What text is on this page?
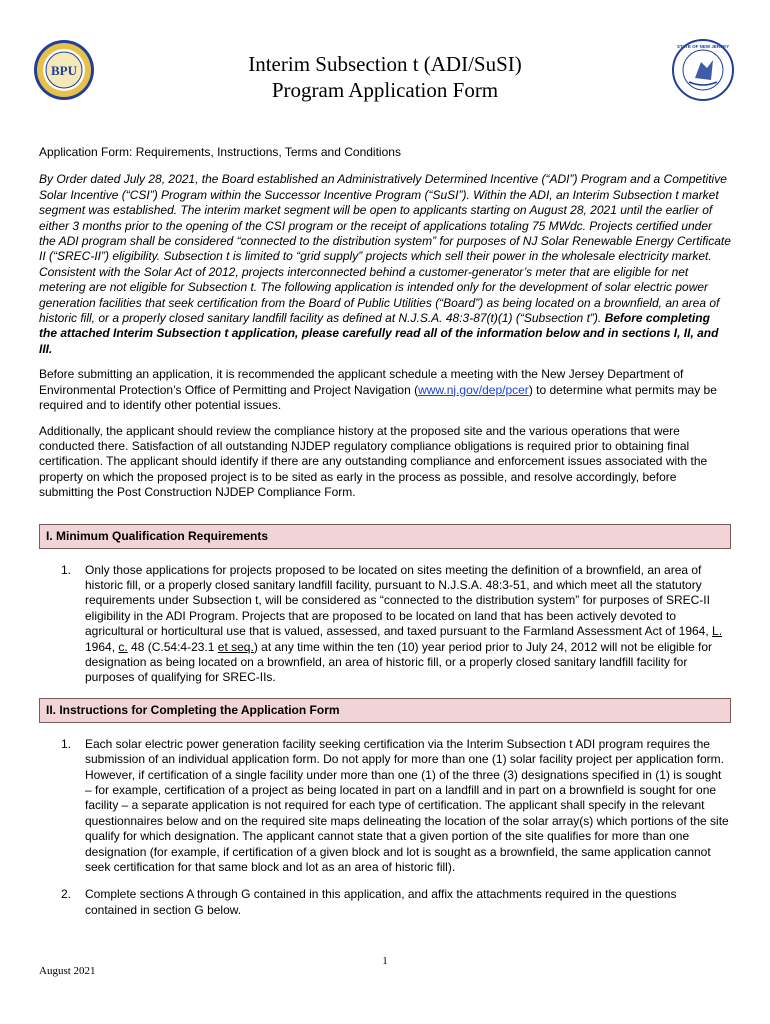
BPU
STATE OF NEW JERSEY
Interim Subsection t (ADI/SuSI)
Program Application Form

Application Form: Requirements, Instructions, Terms and Conditions

By Order dated July 28, 2021, the Board established an Administratively Determined Incentive (“ADI”) Program and a Competitive Solar Incentive (“CSI”) Program within the Successor Incentive Program (“SuSI”). Within the ADI, an Interim Subsection t market segment was established. The interim market segment will be open to applicants starting on August 28, 2021 until the earlier of either 3 months prior to the opening of the CSI program or the receipt of applications totaling 75 MWdc. Projects certified under the ADI program shall be considered “connected to the distribution system” for purposes of NJ Solar Renewable Energy Certificate II (“SREC-II”) eligibility. Subsection t is limited to “grid supply” projects which sell their power in the wholesale electricity market. Consistent with the Solar Act of 2012, projects interconnected behind a customer-generator’s meter that are eligible for net metering are not eligible for Subsection t. The following application is intended only for the development of solar electric power generation facilities that seek certification from the Board of Public Utilities (“Board”) as being located on a brownfield, an area of historic fill, or a properly closed sanitary landfill facility as defined at N.J.S.A. 48:3-87(t)(1) (“Subsection t”). Before completing the attached Interim Subsection t application, please carefully read all of the information below and in sections I, II, and III.

Before submitting an application, it is recommended the applicant schedule a meeting with the New Jersey Department of Environmental Protection’s Office of Permitting and Project Navigation (www.nj.gov/dep/pcer) to determine what permits may be required and to identify other potential issues.

Additionally, the applicant should review the compliance history at the proposed site and the various operations that were conducted there. Satisfaction of all outstanding NJDEP regulatory compliance obligations is required prior to obtaining final certification. The applicant should identify if there are any outstanding compliance and enforcement issues associated with the property on which the proposed project is to be sited as early in the process as possible, and resolve accordingly, before submitting the Post Construction NJDEP Compliance Form.

I. Minimum Qualification Requirements
1. Only those applications for projects proposed to be located on sites meeting the definition of a brownfield, an area of historic fill, or a properly closed sanitary landfill facility, pursuant to N.J.S.A. 48:3-51, and which meet all the statutory requirements under Subsection t, will be considered as “connected to the distribution system” for purposes of SREC-II eligibility in the ADI Program. Projects that are proposed to be located on land that has been actively devoted to agricultural or horticultural use that is valued, assessed, and taxed pursuant to the Farmland Assessment Act of 1964, L. 1964, c. 48 (C.54:4-23.1 et seq.) at any time within the ten (10) year period prior to July 24, 2012 will not be eligible for designation as being located on a brownfield, an area of historic fill, or a properly closed sanitary landfill facility for purposes of qualifying for SREC-IIs.
II. Instructions for Completing the Application Form
1. Each solar electric power generation facility seeking certification via the Interim Subsection t ADI program requires the submission of an individual application form. Do not apply for more than one (1) solar facility project per application form. However, if certification of a single facility under more than one (1) of the three (3) designations specified in (1) is sought – for example, certification of a project as being located in part on a landfill and in part on a brownfield is sought for one facility – a separate application is not required for each type of certification. The applicant shall specify in the relevant questionnaires below and on the required site maps delineating the location of the solar array(s) which portions of the site qualify for which designation. The applicant cannot state that a given portion of the site qualifies for more than one designation (for example, if certification of a given block and lot is sought as a brownfield, the same application cannot seek certification for that same block and lot as an area of historic fill).
2. Complete sections A through G contained in this application, and affix the attachments required in the questions contained in section G below.
1
August 2021
